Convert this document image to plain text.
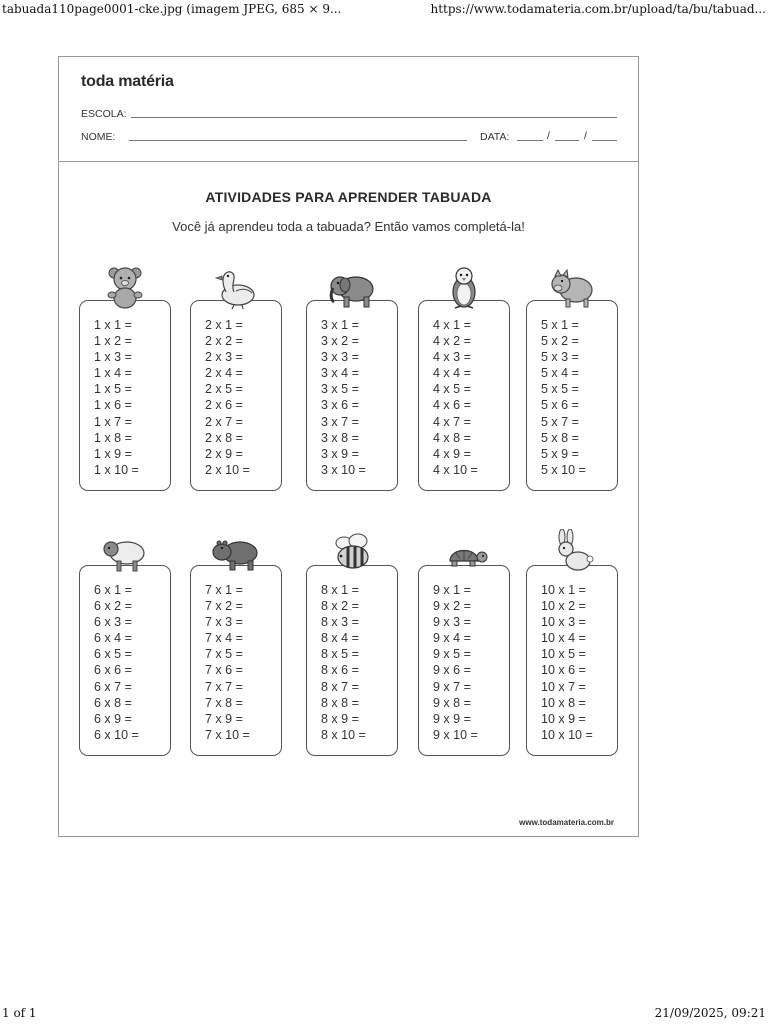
tabuada110page0001-cke.jpg (imagem JPEG, 685 × 9...	https://www.todamateria.com.br/upload/ta/bu/tabuad...
toda matéria
ESCOLA:
NOME:	DATA:	/	/
ATIVIDADES PARA APRENDER TABUADA
Você já aprendeu toda a tabuada? Então vamos completá-la!
1 x 1 =
1 x 2 =
1 x 3 =
1 x 4 =
1 x 5 =
1 x 6 =
1 x 7 =
1 x 8 =
1 x 9 =
1 x 10 =
2 x 1 =
2 x 2 =
2 x 3 =
2 x 4 =
2 x 5 =
2 x 6 =
2 x 7 =
2 x 8 =
2 x 9 =
2 x 10 =
3 x 1 =
3 x 2 =
3 x 3 =
3 x 4 =
3 x 5 =
3 x 6 =
3 x 7 =
3 x 8 =
3 x 9 =
3 x 10 =
4 x 1 =
4 x 2 =
4 x 3 =
4 x 4 =
4 x 5 =
4 x 6 =
4 x 7 =
4 x 8 =
4 x 9 =
4 x 10 =
5 x 1 =
5 x 2 =
5 x 3 =
5 x 4 =
5 x 5 =
5 x 6 =
5 x 7 =
5 x 8 =
5 x 9 =
5 x 10 =
6 x 1 =
6 x 2 =
6 x 3 =
6 x 4 =
6 x 5 =
6 x 6 =
6 x 7 =
6 x 8 =
6 x 9 =
6 x 10 =
7 x 1 =
7 x 2 =
7 x 3 =
7 x 4 =
7 x 5 =
7 x 6 =
7 x 7 =
7 x 8 =
7 x 9 =
7 x 10 =
8 x 1 =
8 x 2 =
8 x 3 =
8 x 4 =
8 x 5 =
8 x 6 =
8 x 7 =
8 x 8 =
8 x 9 =
8 x 10 =
9 x 1 =
9 x 2 =
9 x 3 =
9 x 4 =
9 x 5 =
9 x 6 =
9 x 7 =
9 x 8 =
9 x 9 =
9 x 10 =
10 x 1 =
10 x 2 =
10 x 3 =
10 x 4 =
10 x 5 =
10 x 6 =
10 x 7 =
10 x 8 =
10 x 9 =
10 x 10 =
www.todamateria.com.br
1 of 1	21/09/2025, 09:21
